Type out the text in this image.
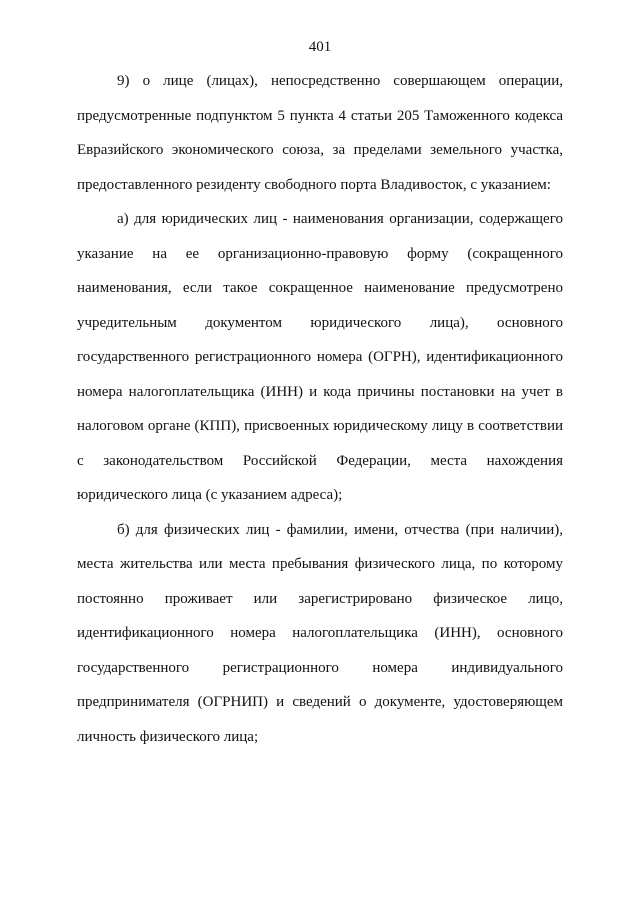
401
9) о лице (лицах), непосредственно совершающем операции,
предусмотренные подпунктом 5 пункта 4 статьи 205 Таможенного кодекса
Евразийского экономического союза, за пределами земельного участка,
предоставленного резиденту свободного порта Владивосток, с указанием:
а) для юридических лиц - наименования организации, содержащего
указание на ее организационно-правовую форму (сокращенного
наименования, если такое сокращенное наименование предусмотрено
учредительным документом юридического лица), основного
государственного регистрационного номера (ОГРН), идентификационного
номера налогоплательщика (ИНН) и кода причины постановки на учет в
налоговом органе (КПП), присвоенных юридическому лицу в соответствии
с законодательством Российской Федерации, места нахождения
юридического лица (с указанием адреса);
б) для физических лиц - фамилии, имени, отчества (при наличии),
места жительства или места пребывания физического лица, по которому
постоянно проживает или зарегистрировано физическое лицо,
идентификационного номера налогоплательщика (ИНН), основного
государственного регистрационного номера индивидуального
предпринимателя (ОГРНИП) и сведений о документе, удостоверяющем
личность физического лица;
